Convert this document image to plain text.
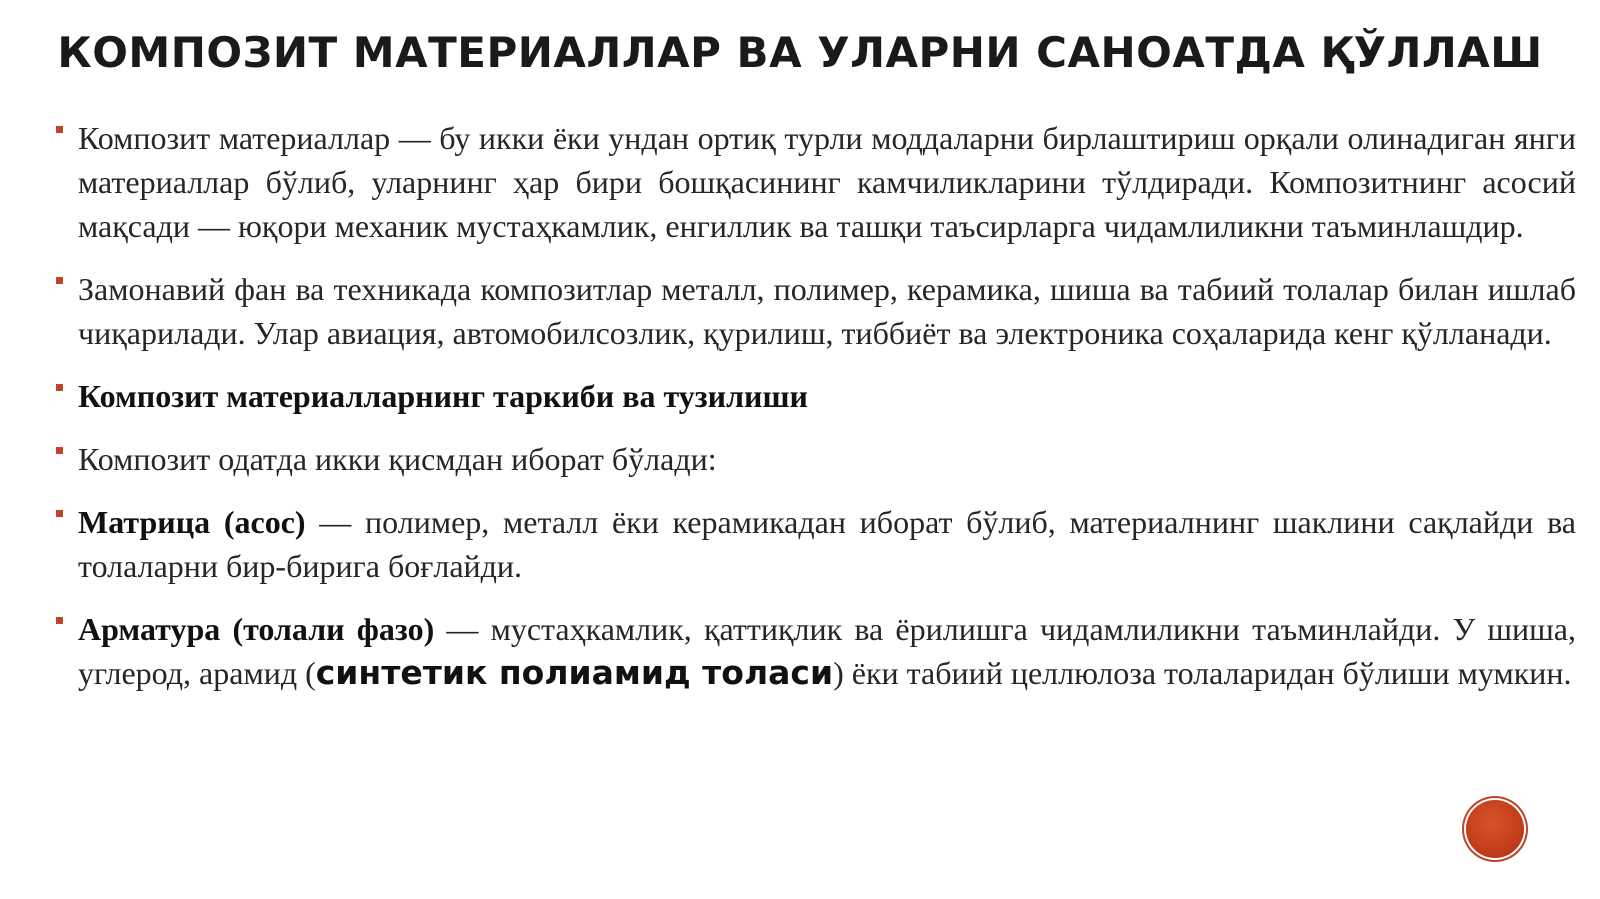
КОМПОЗИТ МАТЕРИАЛЛАР ВА УЛАРНИ САНОАТДА ҚЎЛЛАШ
Композит материаллар — бу икки ёки ундан ортиқ турли моддаларни бирлаштириш орқали олинадиган янги материаллар бўлиб, уларнинг ҳар бири бошқасининг камчиликларини тўлдиради. Композитнинг асосий мақсади — юқори механик мустаҳкамлик, енгиллик ва ташқи таъсирларга чидамлиликни таъминлашдир.
Замонавий фан ва техникада композитлар металл, полимер, керамика, шиша ва табиий толалар билан ишлаб чиқарилади. Улар авиация, автомобилсозлик, қурилиш, тиббиёт ва электроника соҳаларида кенг қўлланади.
Композит материалларнинг таркиби ва тузилиши
Композит одатда икки қисмдан иборат бўлади:
Матрица (асос) — полимер, металл ёки керамикадан иборат бўлиб, материалнинг шаклини сақлайди ва толаларни бир-бирига боғлайди.
Арматура (толали фазо) — мустаҳкамлик, қаттиқлик ва ёрилишга чидамлиликни таъминлайди. У шиша, углерод, арамид (синтетик полиамид толаси) ёки табиий целлюлоза толаларидан бўлиши мумкин.
